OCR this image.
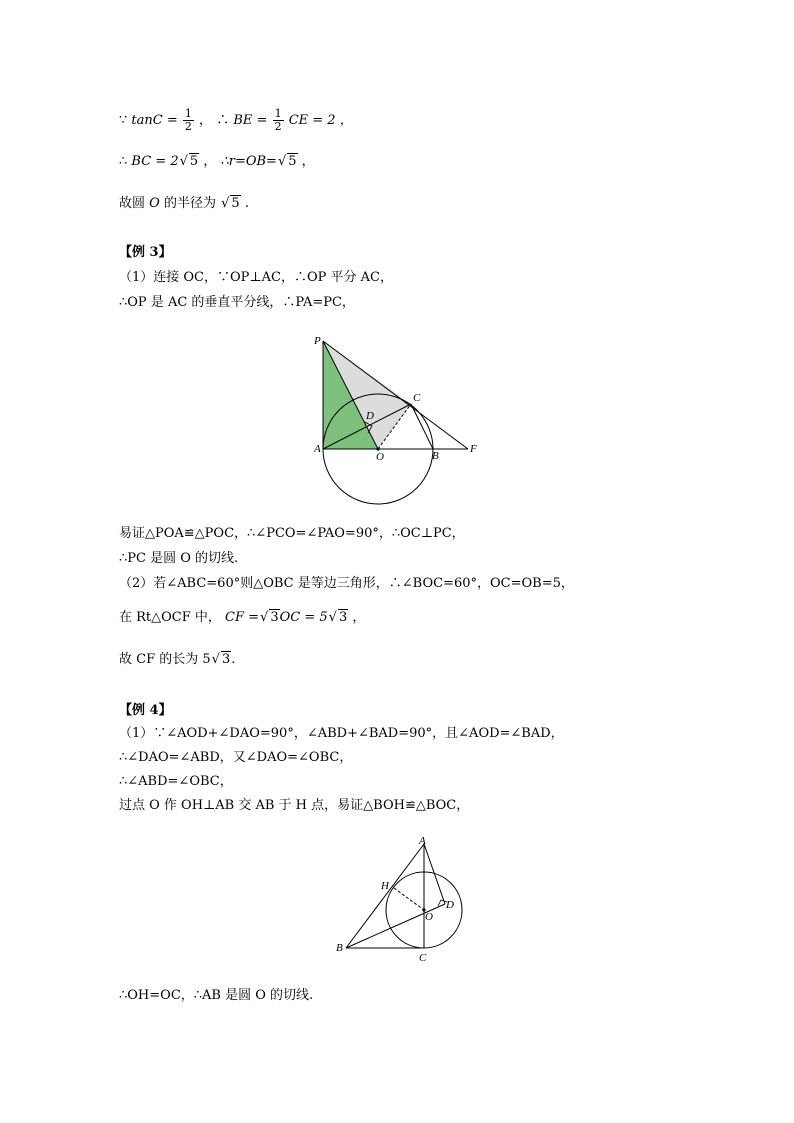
∵ $\tan C = \frac{1}{2}$ ， ∴ BE = $\frac{1}{2}$ CE = 2 ，
∴ BC = 2√ 5 ， ∴r=OB=√ 5 ，
故圆 O 的半径为 √ 5 .
【例 3】
（1）连接 OC，∵OP⊥AC，∴OP 平分 AC，
∴OP 是 AC 的垂直平分线，∴PA=PC，
P
C
D
A
O	B
F
易证△POA≌△POC，∴∠PCO=∠PAO=90°，∴OC⊥PC，
∴PC 是圆 O 的切线.
（2）若∠ABC=60°则△OBC 是等边三角形，∴∠BOC=60°，OC=OB=5，
在 Rt△OCF 中， CF =√ 3OC = 5√ 3 ，
故 CF 的长为 5√ 3.
【例 4】
（1）∵∠AOD+∠DAO=90°，∠ABD+∠BAD=90°，且∠AOD=∠BAD，
∴∠DAO=∠ABD，又∠DAO=∠OBC，
∴∠ABD=∠OBC，
过点 O 作 OH⊥AB 交 AB 于 H 点，易证△BOH≌△BOC，
A
H
O
D
B
C
∴OH=OC，∴AB 是圆 O 的切线.
